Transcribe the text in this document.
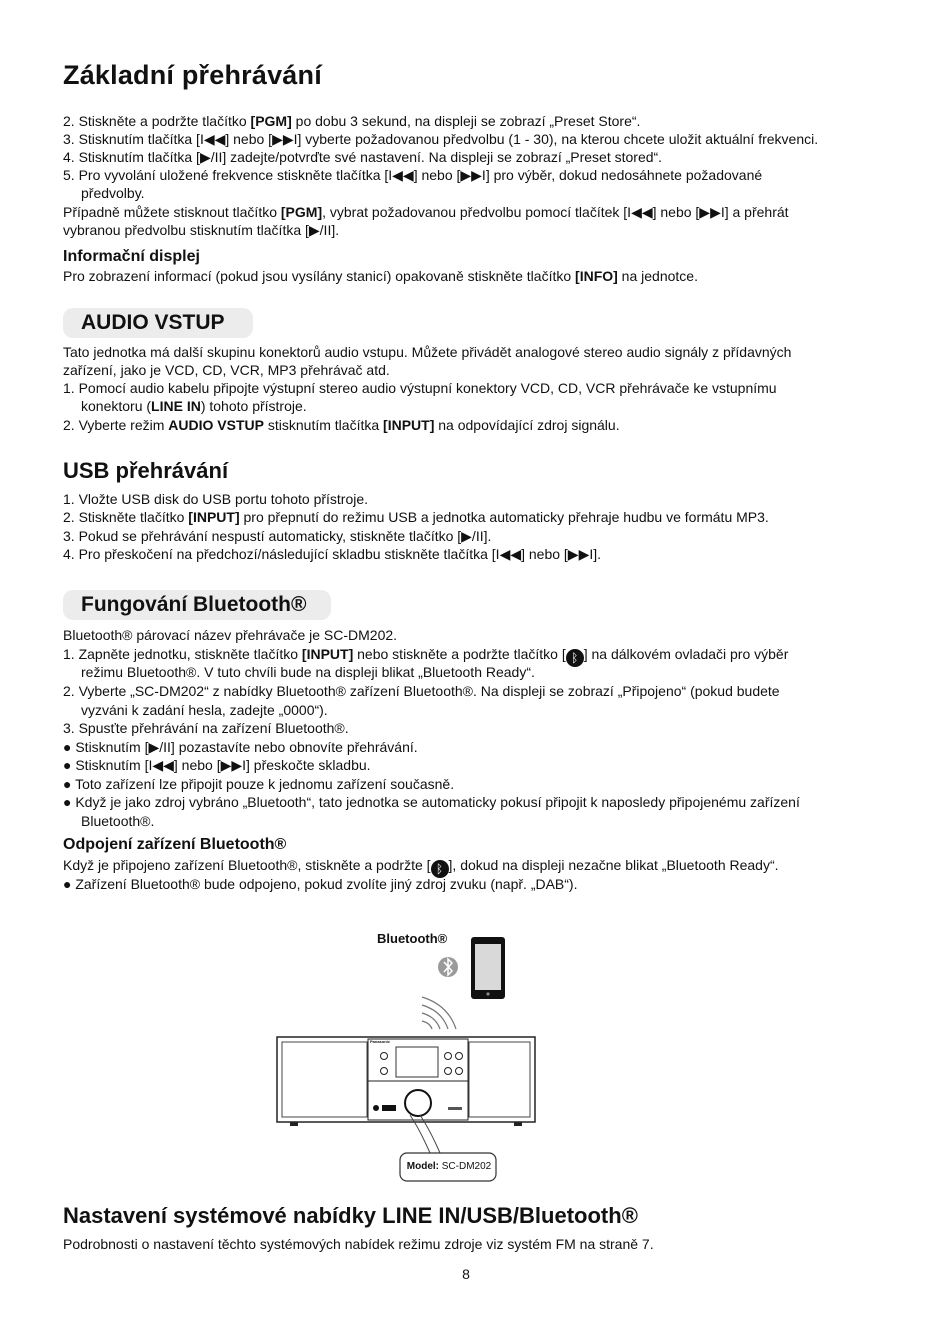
Základní přehrávání
2. Stiskněte a podržte tlačítko [PGM] po dobu 3 sekund, na displeji se zobrazí „Preset Store“.
3. Stisknutím tlačítka [I◀◀] nebo [▶▶I] vyberte požadovanou předvolbu (1 - 30), na kterou chcete uložit aktuální frekvenci.
4. Stisknutím tlačítka [▶/II] zadejte/potvrďte své nastavení. Na displeji se zobrazí „Preset stored“.
5. Pro vyvolání uložené frekvence stiskněte tlačítka [I◀◀] nebo [▶▶I] pro výběr, dokud nedosáhnete požadované
předvolby.
Případně můžete stisknout tlačítko [PGM], vybrat požadovanou předvolbu pomocí tlačítek [I◀◀] nebo [▶▶I] a přehrát
vybranou předvolbu stisknutím tlačítka [▶/II].
Informační displej
Pro zobrazení informací (pokud jsou vysílány stanicí) opakovaně stiskněte tlačítko [INFO] na jednotce.
AUDIO VSTUP
Tato jednotka má další skupinu konektorů audio vstupu. Můžete přivádět analogové stereo audio signály z přídavných
zařízení, jako je VCD, CD, VCR, MP3 přehrávač atd.
1. Pomocí audio kabelu připojte výstupní stereo audio výstupní konektory VCD, CD, VCR přehrávače ke vstupnímu
konektoru (LINE IN) tohoto přístroje.
2. Vyberte režim AUDIO VSTUP stisknutím tlačítka [INPUT] na odpovídající zdroj signálu.
USB přehrávání
1. Vložte USB disk do USB portu tohoto přístroje.
2. Stiskněte tlačítko [INPUT] pro přepnutí do režimu USB a jednotka automaticky přehraje hudbu ve formátu MP3.
3. Pokud se přehrávání nespustí automaticky, stiskněte tlačítko [▶/II].
4. Pro přeskočení na předchozí/následující skladbu stiskněte tlačítka [I◀◀] nebo [▶▶I].
Fungování Bluetooth®
Bluetooth® párovací název přehrávače je SC-DM202.
1. Zapněte jednotku, stiskněte tlačítko [INPUT] nebo stiskněte a podržte tlačítko [ ᛒ ] na dálkovém ovladači pro výběr
režimu Bluetooth®. V tuto chvíli bude na displeji blikat „Bluetooth Ready“.
2. Vyberte „SC-DM202“ z nabídky Bluetooth® zařízení Bluetooth®. Na displeji se zobrazí „Připojeno“ (pokud budete
vyzváni k zadání hesla, zadejte „0000“).
3. Spusťte přehrávání na zařízení Bluetooth®.
● Stisknutím [▶/II] pozastavíte nebo obnovíte přehrávání.
● Stisknutím [I◀◀] nebo [▶▶I] přeskočte skladbu.
● Toto zařízení lze připojit pouze k jednomu zařízení současně.
● Když je jako zdroj vybráno „Bluetooth“, tato jednotka se automaticky pokusí připojit k naposledy připojenému zařízení
Bluetooth®.
Odpojení zařízení Bluetooth®
Když je připojeno zařízení Bluetooth®, stiskněte a podržte [ ᛒ ], dokud na displeji nezačne blikat „Bluetooth Ready“.
● Zařízení Bluetooth® bude odpojeno, pokud zvolíte jiný zdroj zvuku (např. „DAB“).
Bluetooth®
Panasonic
Model: SC-DM202
Nastavení systémové nabídky LINE IN/USB/Bluetooth®
Podrobnosti o nastavení těchto systémových nabídek režimu zdroje viz systém FM na straně 7.
8
